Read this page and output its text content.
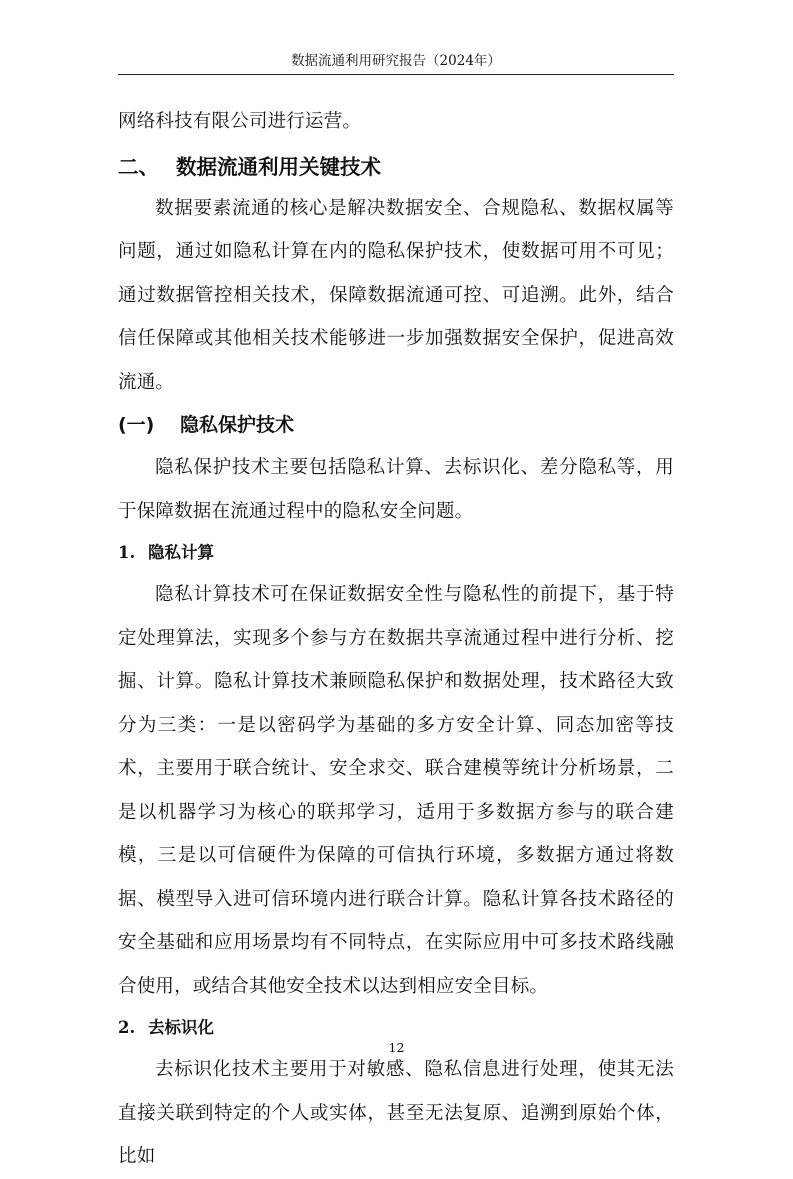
数据流通利用研究报告（2024年）

网络科技有限公司进行运营。

二、 数据流通利用关键技术

数据要素流通的核心是解决数据安全、合规隐私、数据权属等问题，通过如隐私计算在内的隐私保护技术，使数据可用不可见；通过数据管控相关技术，保障数据流通可控、可追溯。此外，结合信任保障或其他相关技术能够进一步加强数据安全保护，促进高效流通。

(一) 隐私保护技术

隐私保护技术主要包括隐私计算、去标识化、差分隐私等，用于保障数据在流通过程中的隐私安全问题。

1. 隐私计算

隐私计算技术可在保证数据安全性与隐私性的前提下，基于特定处理算法，实现多个参与方在数据共享流通过程中进行分析、挖掘、计算。隐私计算技术兼顾隐私保护和数据处理，技术路径大致分为三类：一是以密码学为基础的多方安全计算、同态加密等技术，主要用于联合统计、安全求交、联合建模等统计分析场景，二是以机器学习为核心的联邦学习，适用于多数据方参与的联合建模，三是以可信硬件为保障的可信执行环境，多数据方通过将数据、模型导入进可信环境内进行联合计算。隐私计算各技术路径的安全基础和应用场景均有不同特点，在实际应用中可多技术路线融合使用，或结合其他安全技术以达到相应安全目标。

2. 去标识化

去标识化技术主要用于对敏感、隐私信息进行处理，使其无法直接关联到特定的个人或实体，甚至无法复原、追溯到原始个体，比如

12
